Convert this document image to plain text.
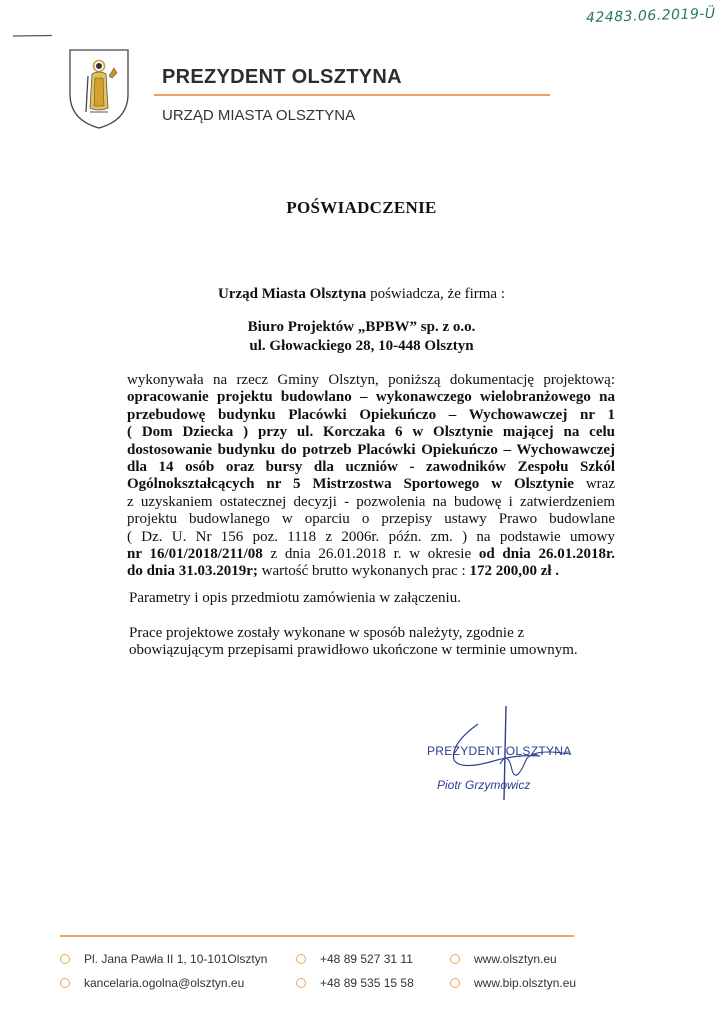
42483.06.2019-Ü
PREZYDENT OLSZTYNA
URZĄD MIASTA OLSZTYNA
POŚWIADCZENIE
Urząd Miasta Olsztyna poświadcza, że firma :
Biuro Projektów „BPBW” sp. z o.o.
ul. Głowackiego 28, 10-448 Olsztyn
wykonywała na rzecz Gminy Olsztyn, poniższą dokumentację projektową:
opracowanie projektu budowlano – wykonawczego wielobranżowego na
przebudowę budynku Placówki Opiekuńczo – Wychowawczej nr 1
( Dom Dziecka ) przy ul. Korczaka 6 w Olsztynie mającej na celu
dostosowanie budynku do potrzeb Placówki Opiekuńczo – Wychowawczej
dla 14 osób oraz bursy dla uczniów - zawodników Zespołu Szkól
Ogólnokształcących nr 5 Mistrzostwa Sportowego w Olsztynie wraz
z uzyskaniem ostatecznej decyzji - pozwolenia na budowę i zatwierdzeniem
projektu budowlanego w oparciu o przepisy ustawy Prawo budowlane
( Dz. U. Nr 156 poz. 1118 z 2006r. późn. zm. ) na podstawie umowy
nr 16/01/2018/211/08 z dnia 26.01.2018 r. w okresie od dnia 26.01.2018r.
do dnia 31.03.2019r; wartość brutto wykonanych prac : 172 200,00 zł .
Parametry i opis przedmiotu zamówienia w załączeniu.
Prace projektowe zostały wykonane w sposób należyty, zgodnie z obowiązującym przepisami prawidłowo ukończone w terminie umownym.
PREZYDENT OLSZTYNA
Piotr Grzymowicz
Pl. Jana Pawła II 1, 10-101Olsztyn
kancelaria.ogolna@olsztyn.eu
+48 89 527 31 11
+48 89 535 15 58
www.olsztyn.eu
www.bip.olsztyn.eu
